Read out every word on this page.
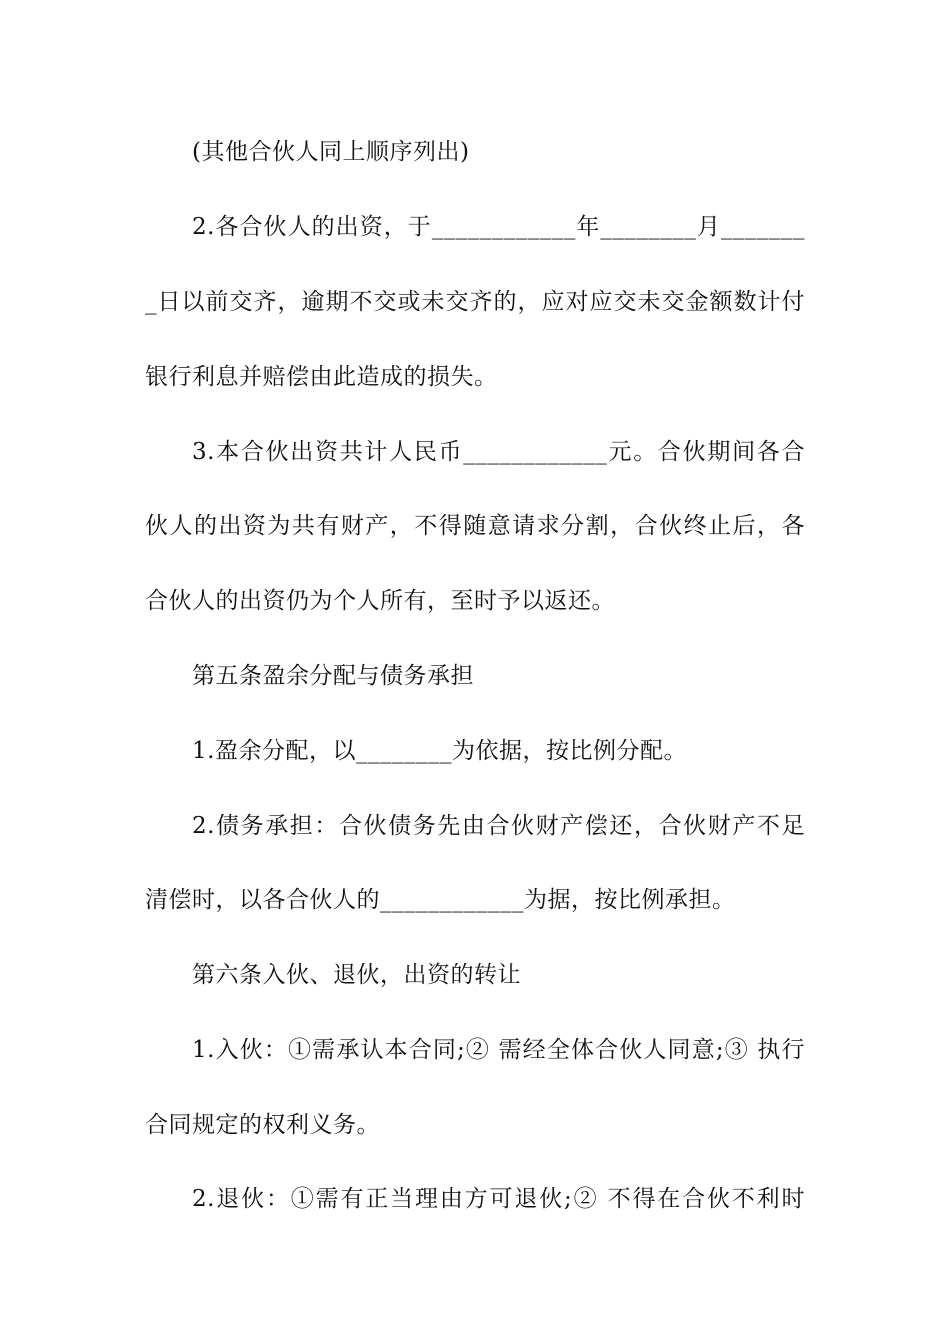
(其他合伙人同上顺序列出)
2.各合伙人的出资，于____________年________月_______
_日以前交齐，逾期不交或未交齐的，应对应交未交金额数计付
银行利息并赔偿由此造成的损失。
3.本合伙出资共计人民币____________元。合伙期间各合
伙人的出资为共有财产，不得随意请求分割，合伙终止后，各
合伙人的出资仍为个人所有，至时予以返还。
第五条盈余分配与债务承担
1.盈余分配，以________为依据，按比例分配。
2.债务承担：合伙债务先由合伙财产偿还，合伙财产不足
清偿时，以各合伙人的____________为据，按比例承担。
第六条入伙、退伙，出资的转让
1.入伙：①需承认本合同;② 需经全体合伙人同意;③ 执行
合同规定的权利义务。
2.退伙：①需有正当理由方可退伙;② 不得在合伙不利时
